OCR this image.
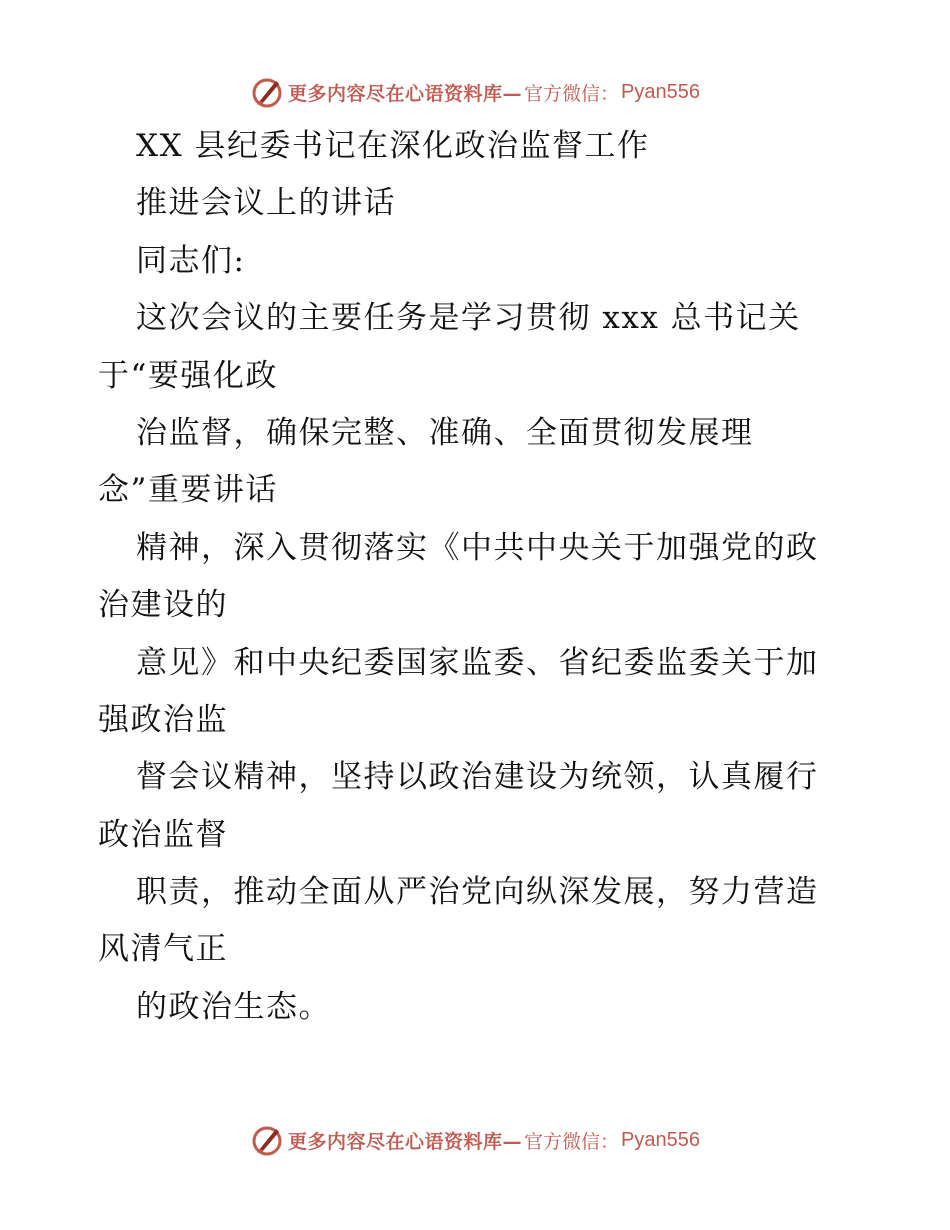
更多内容尽在心语资料库— 官方微信： Pyan556
XX 县纪委书记在深化政治监督工作
推进会议上的讲话
同志们:
这次会议的主要任务是学习贯彻 xxx 总书记关
于“要强化政
治监督，确保完整、准确、全面贯彻发展理
念”重要讲话
精神，深入贯彻落实《中共中央关于加强党的政
治建设的
意见》和中央纪委国家监委、省纪委监委关于加
强政治监
督会议精神，坚持以政治建设为统领，认真履行
政治监督
职责，推动全面从严治党向纵深发展，努力营造
风清气正
的政治生态。
更多内容尽在心语资料库— 官方微信： Pyan556
